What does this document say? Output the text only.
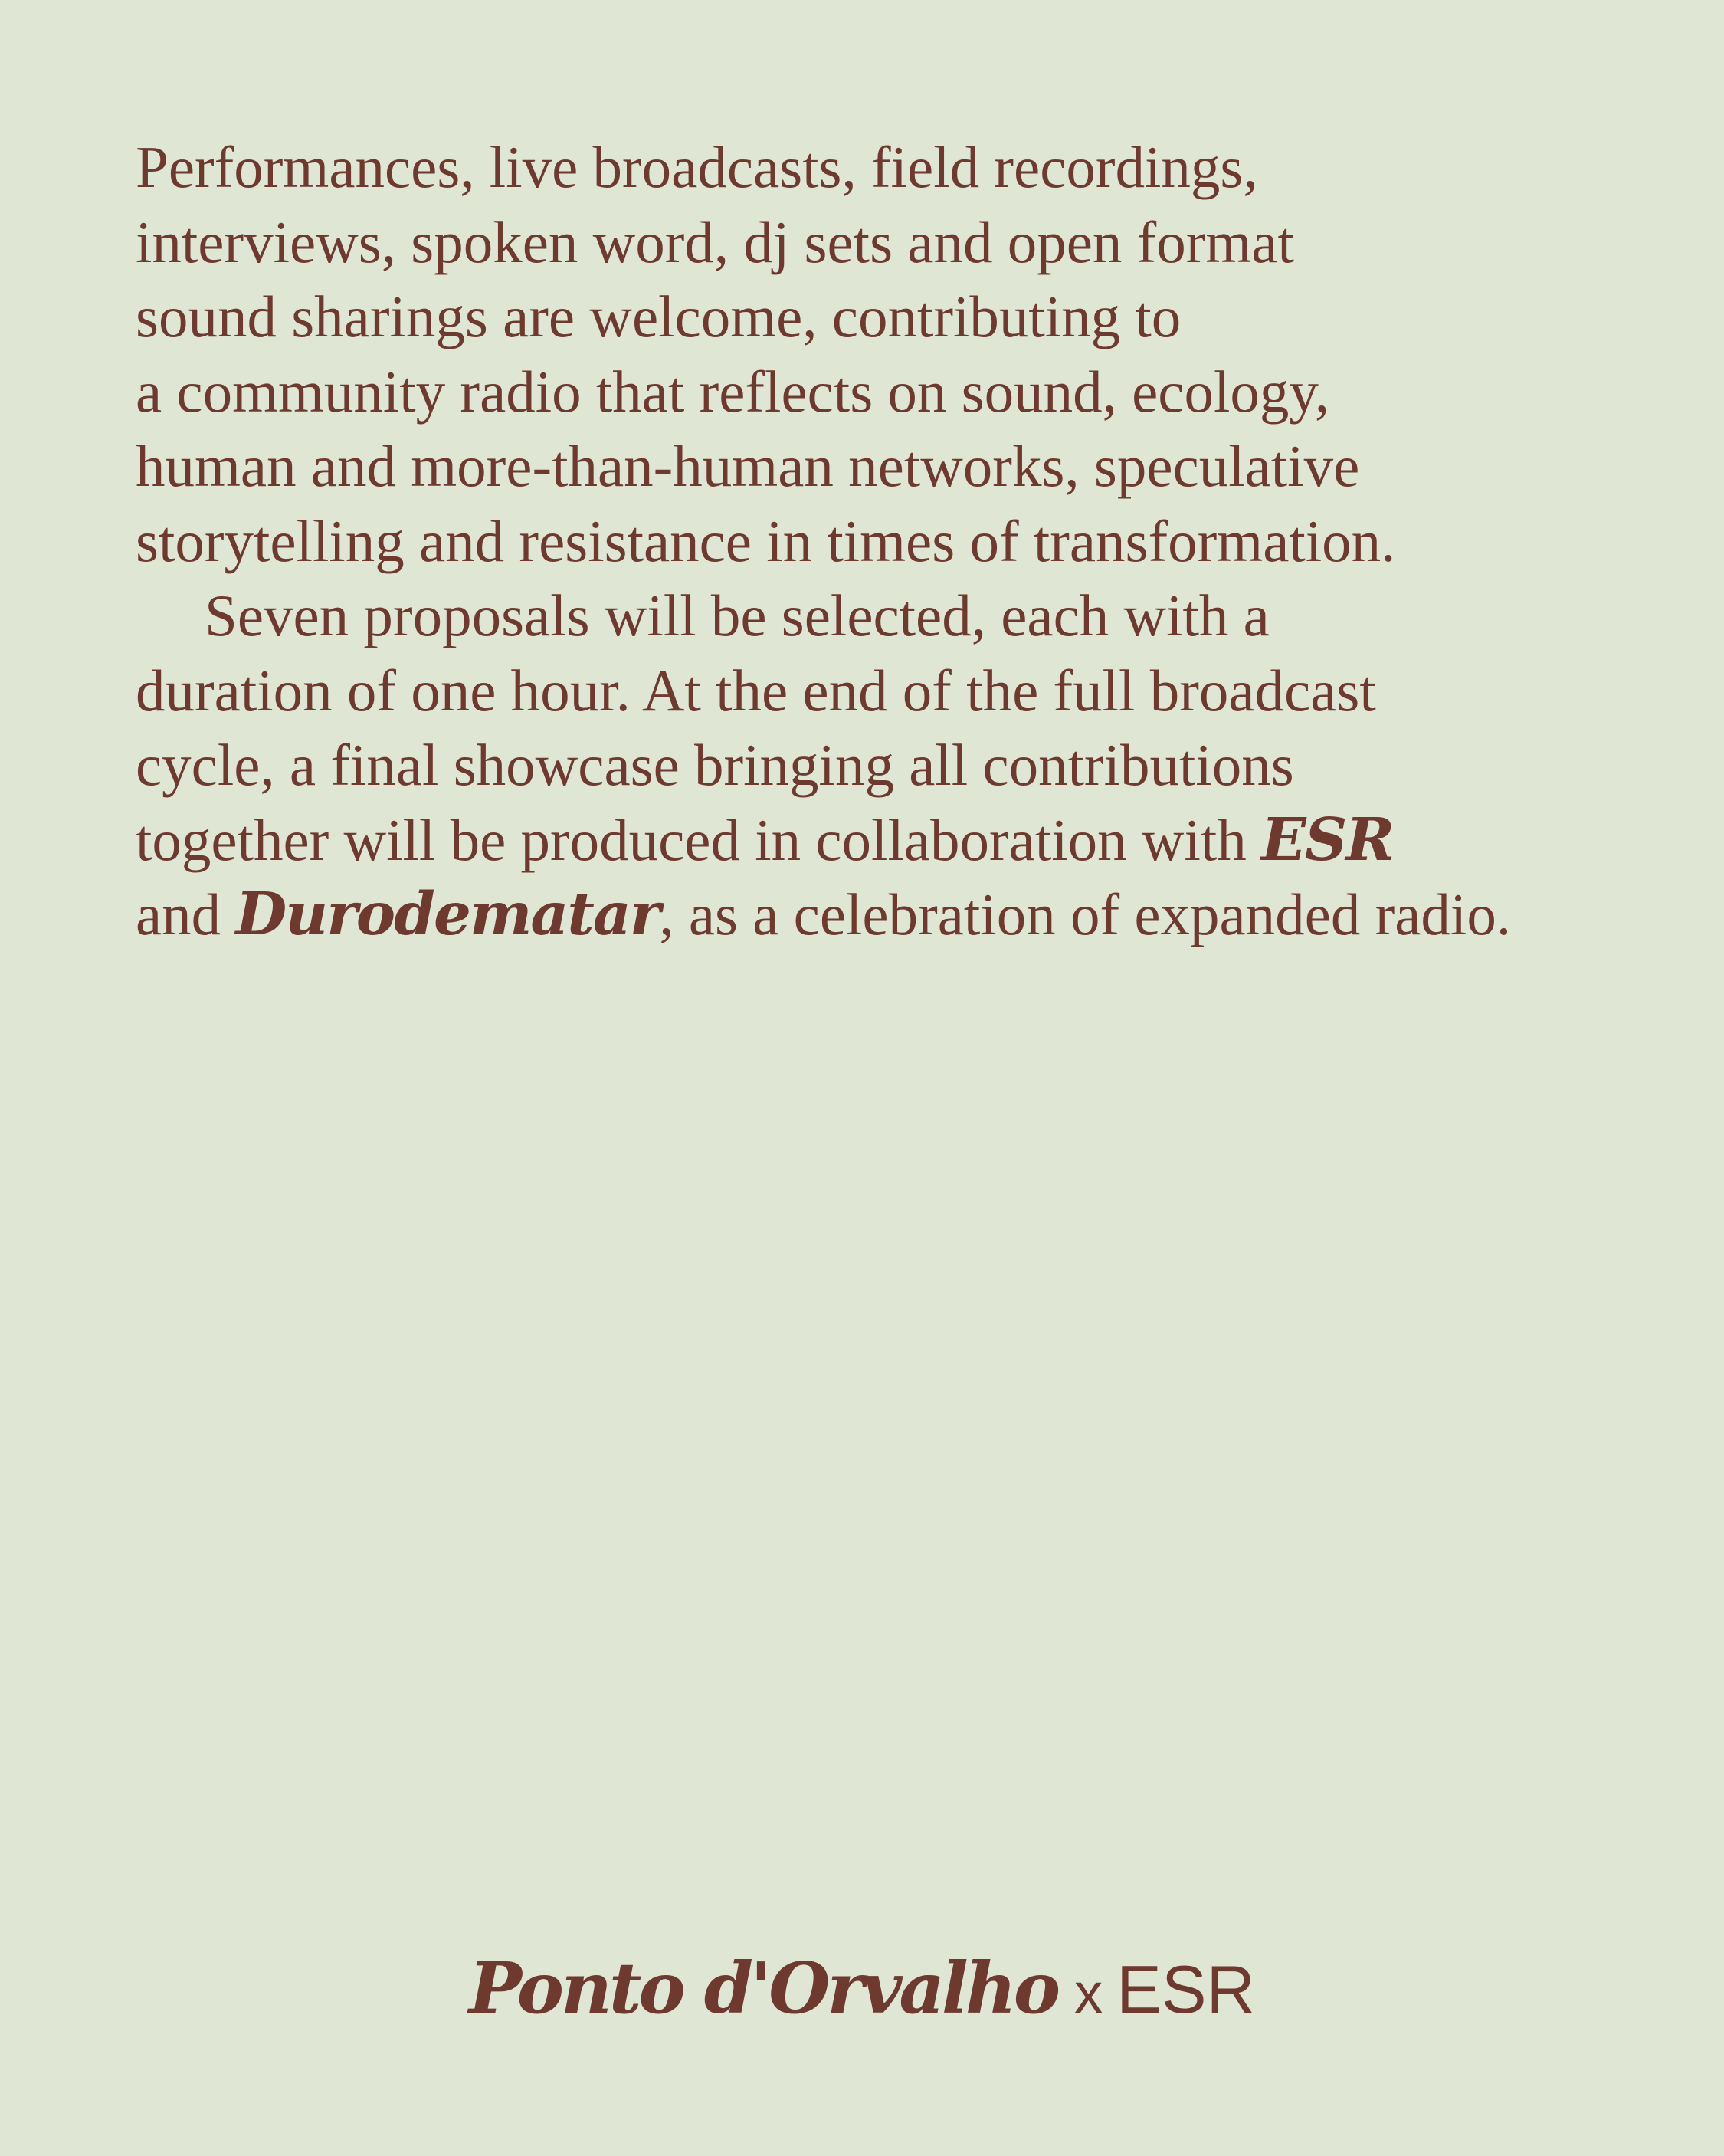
Performances, live broadcasts, field recordings,
interviews, spoken word, dj sets and open format
sound sharings are welcome, contributing to
a community radio that reflects on sound, ecology,
human and more-than-human networks, speculative
storytelling and resistance in times of transformation.
Seven proposals will be selected, each with a
duration of one hour. At the end of the full broadcast
cycle, a final showcase bringing all contributions
together will be produced in collaboration with ESR
and Durodematar, as a celebration of expanded radio.
Ponto d'Orvalho x ESR
